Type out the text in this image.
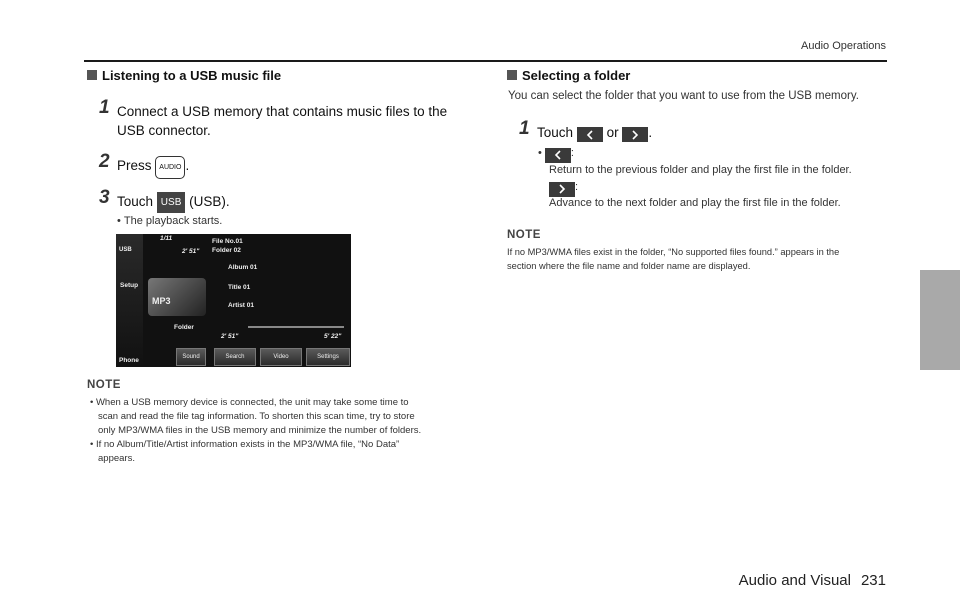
Audio Operations
Listening to a USB music file
1 Connect a USB memory that contains music files to the
USB connector.
2 Press AUDIO .
3 Touch USB (USB).
• The playback starts.
USB
Setup
Phone
1/11
2' 51"
File No.01
Folder 02
Album 01
Title 01
Artist 01
MP3
Folder
2' 51"	5' 22"
Sound	Search	Video	Settings
NOTE
• When a USB memory device is connected, the unit may take some time to
scan and read the file tag information. To shorten this scan time, try to store
only MP3/WMA files in the USB memory and minimize the number of folders.
• If no Album/Title/Artist information exists in the MP3/WMA file, “No Data”
appears.
Selecting a folder
You can select the folder that you want to use from the USB memory.
1 Touch or .
• :
Return to the previous folder and play the first file in the folder.
:
Advance to the next folder and play the first file in the folder.
NOTE
If no MP3/WMA files exist in the folder, “No supported files found.” appears in the
section where the file name and folder name are displayed.
Audio and Visual 231
